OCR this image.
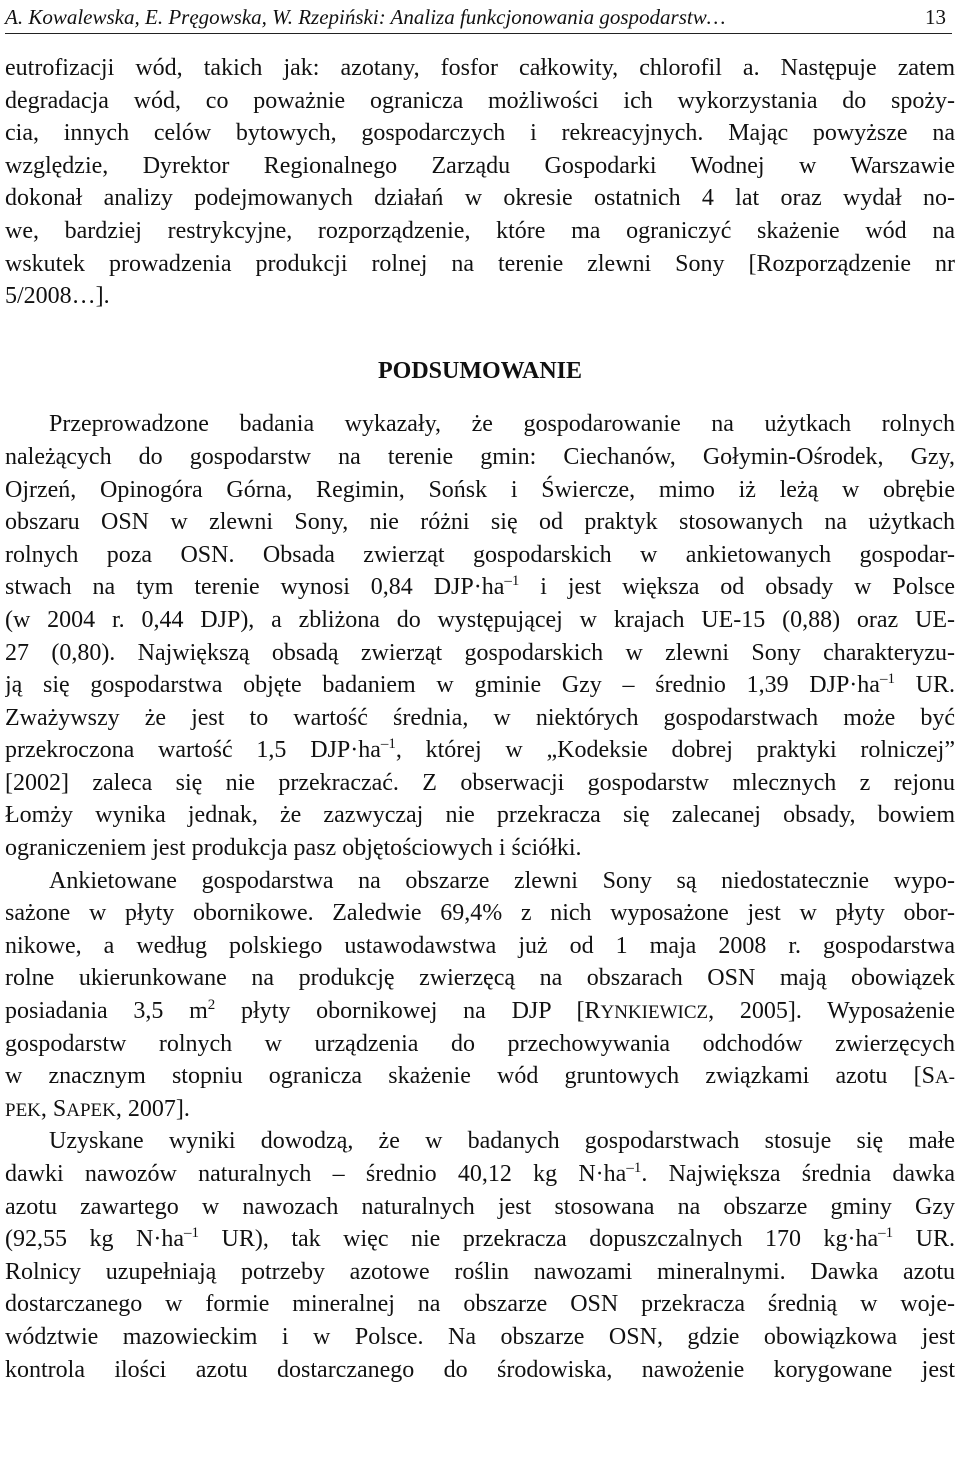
A. Kowalewska, E. Pręgowska, W. Rzepiński: Analiza funkcjonowania gospodarstw…	13
eutrofizacji wód, takich jak: azotany, fosfor całkowity, chlorofil a. Następuje zatem
degradacja wód, co poważnie ogranicza możliwości ich wykorzystania do spoży-
cia, innych celów bytowych, gospodarczych i rekreacyjnych. Mając powyższe na
względzie, Dyrektor Regionalnego Zarządu Gospodarki Wodnej w Warszawie
dokonał analizy podejmowanych działań w okresie ostatnich 4 lat oraz wydał no-
we, bardziej restrykcyjne, rozporządzenie, które ma ograniczyć skażenie wód na
wskutek prowadzenia produkcji rolnej na terenie zlewni Sony [Rozporządzenie nr
5/2008…].
PODSUMOWANIE
Przeprowadzone badania wykazały, że gospodarowanie na użytkach rolnych
należących do gospodarstw na terenie gmin: Ciechanów, Gołymin-Ośrodek, Gzy,
Ojrzeń, Opinogóra Górna, Regimin, Sońsk i Świercze, mimo iż leżą w obrębie
obszaru OSN w zlewni Sony, nie różni się od praktyk stosowanych na użytkach
rolnych poza OSN. Obsada zwierząt gospodarskich w ankietowanych gospodar-
stwach na tym terenie wynosi 0,84 $DJP\cdot ha^{-1}$ i jest większa od obsady w Polsce
(w 2004 r. 0,44 DJP), a zbliżona do występującej w krajach UE-15 (0,88) oraz UE-
27 (0,80). Największą obsadą zwierząt gospodarskich w zlewni Sony charakteryzu-
ją się gospodarstwa objęte badaniem w gminie Gzy – średnio 1,39 $DJP\cdot ha^{-1}$ UR.
Zważywszy że jest to wartość średnia, w niektórych gospodarstwach może być
przekroczona wartość 1,5 $DJP\cdot ha^{-1}$, której w „Kodeksie dobrej praktyki rolniczej”
[2002] zaleca się nie przekraczać. Z obserwacji gospodarstw mlecznych z rejonu
Łomży wynika jednak, że zazwyczaj nie przekracza się zalecanej obsady, bowiem
ograniczeniem jest produkcja pasz objętościowych i ściółki.
Ankietowane gospodarstwa na obszarze zlewni Sony są niedostatecznie wypo-
sażone w płyty obornikowe. Zaledwie 69,4% z nich wyposażone jest w płyty obor-
nikowe, a według polskiego ustawodawstwa już od 1 maja 2008 r. gospodarstwa
rolne ukierunkowane na produkcję zwierzęcą na obszarach OSN mają obowiązek
posiadania 3,5 $m^2$ płyty obornikowej na DJP [RYNKIEWICZ, 2005]. Wyposażenie
gospodarstw rolnych w urządzenia do przechowywania odchodów zwierzęcych
w znacznym stopniu ogranicza skażenie wód gruntowych związkami azotu [SA-
PEK, SAPEK, 2007].
Uzyskane wyniki dowodzą, że w badanych gospodarstwach stosuje się małe
dawki nawozów naturalnych – średnio 40,12 kg $N\cdot ha^{-1}$. Największa średnia dawka
azotu zawartego w nawozach naturalnych jest stosowana na obszarze gminy Gzy
(92,55 kg $N\cdot ha^{-1}$ UR), tak więc nie przekracza dopuszczalnych 170 $kg\cdot ha^{-1}$ UR.
Rolnicy uzupełniają potrzeby azotowe roślin nawozami mineralnymi. Dawka azotu
dostarczanego w formie mineralnej na obszarze OSN przekracza średnią w woje-
wództwie mazowieckim i w Polsce. Na obszarze OSN, gdzie obowiązkowa jest
kontrola ilości azotu dostarczanego do środowiska, nawożenie korygowane jest
